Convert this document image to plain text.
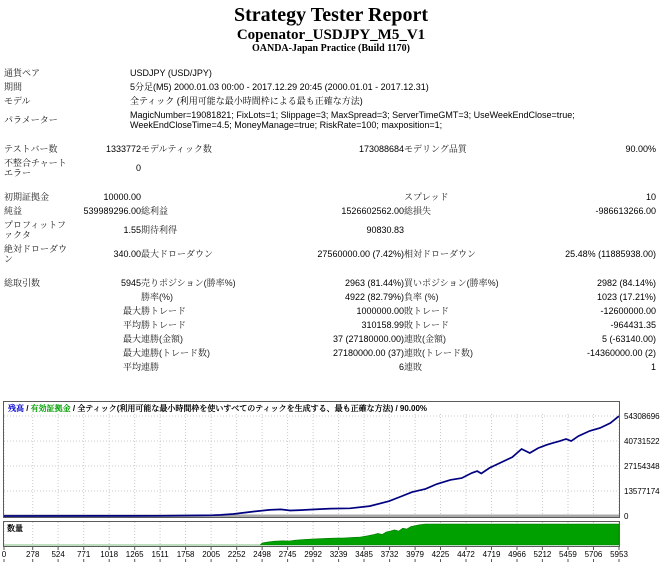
Strategy Tester Report
Copenator_USDJPY_M5_V1
OANDA-Japan Practice (Build 1170)
通貨ペア	USDJPY (USD/JPY)				
期間	5分足(M5) 2000.01.03 00:00 - 2017.12.29 20:45 (2000.01.01 - 2017.12.31)				
モデル	全ティック (利用可能な最小時間枠による最も正確な方法)				
パラメーター	MagicNumber=19081821; FixLots=1; Slippage=3; MaxSpread=3; ServerTimeGMT=3; UseWeekEndClose=true; WeekEndCloseTime=4.5; MoneyManage=true; RiskRate=100; maxposition=1;				

テストバー数	1333772	モデルティック数	173088684	モデリング品質	90.00%
不整合チャートエラー	0				

初期証拠金	10000.00			スプレッド	10
純益	539989296.00	総利益	1526602562.00	総損失	-986613266.00
プロフィットファクタ	1.55	期待利得	90830.83		
絶対ドローダウン	340.00	最大ドローダウン	27560000.00 (7.42%)	相対ドローダウン	25.48% (11885938.00)

総取引数	5945	売りポジション(勝率%)	2963 (81.44%)	買いポジション(勝率%)	2982 (84.14%)
		勝率(%)	4922 (82.79%)	負率 (%)	1023 (17.21%)
	最大	勝トレード	1000000.00	敗トレード	-12600000.00
	平均	勝トレード	310158.99	敗トレード	-964431.35
	最大	連勝(金額)	37 (27180000.00)	連敗(金額)	5 (-63140.00)
	最大	連勝(トレード数)	27180000.00 (37)	連敗(トレード数)	-14360000.00 (2)
	平均	連勝	6	連敗	1
残高 / 有効証拠金 / 全ティック(利用可能な最小時間枠を使いすべてのティックを生成する、最も正確な方法) / 90.00%
54308696
40731522
27154348
13577174
0
数量
0 278 524 771 1018 1265 1511 1758 2005 2252 2498 2745 2992 3239 3485 3732 3979 4225 4472 4719 4966 5212 5459 5706 5953
